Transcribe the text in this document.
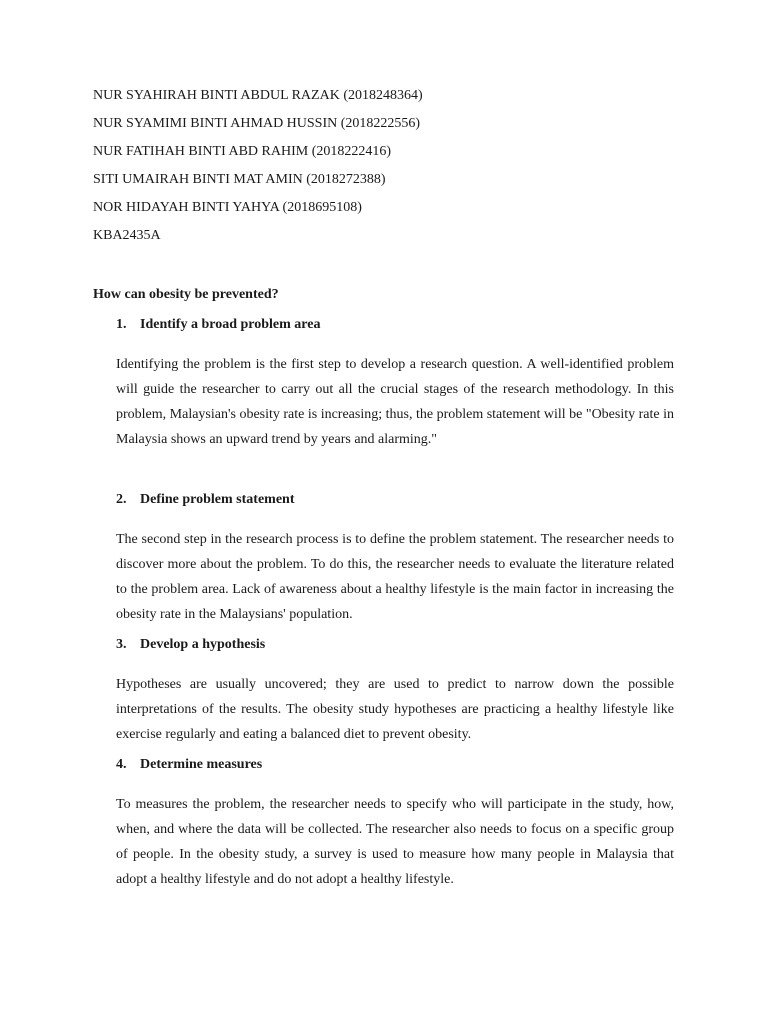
NUR SYAHIRAH BINTI ABDUL RAZAK (2018248364)
NUR SYAMIMI BINTI AHMAD HUSSIN (2018222556)
NUR FATIHAH BINTI ABD RAHIM (2018222416)
SITI UMAIRAH BINTI MAT AMIN (2018272388)
NOR HIDAYAH BINTI YAHYA (2018695108)
KBA2435A
How can obesity be prevented?
1. Identify a broad problem area
Identifying the problem is the first step to develop a research question. A well-identified problem will guide the researcher to carry out all the crucial stages of the research methodology. In this problem, Malaysian's obesity rate is increasing; thus, the problem statement will be "Obesity rate in Malaysia shows an upward trend by years and alarming."
2. Define problem statement
The second step in the research process is to define the problem statement. The researcher needs to discover more about the problem. To do this, the researcher needs to evaluate the literature related to the problem area. Lack of awareness about a healthy lifestyle is the main factor in increasing the obesity rate in the Malaysians' population.
3. Develop a hypothesis
Hypotheses are usually uncovered; they are used to predict to narrow down the possible interpretations of the results. The obesity study hypotheses are practicing a healthy lifestyle like exercise regularly and eating a balanced diet to prevent obesity.
4. Determine measures
To measures the problem, the researcher needs to specify who will participate in the study, how, when, and where the data will be collected. The researcher also needs to focus on a specific group of people. In the obesity study, a survey is used to measure how many people in Malaysia that adopt a healthy lifestyle and do not adopt a healthy lifestyle.
